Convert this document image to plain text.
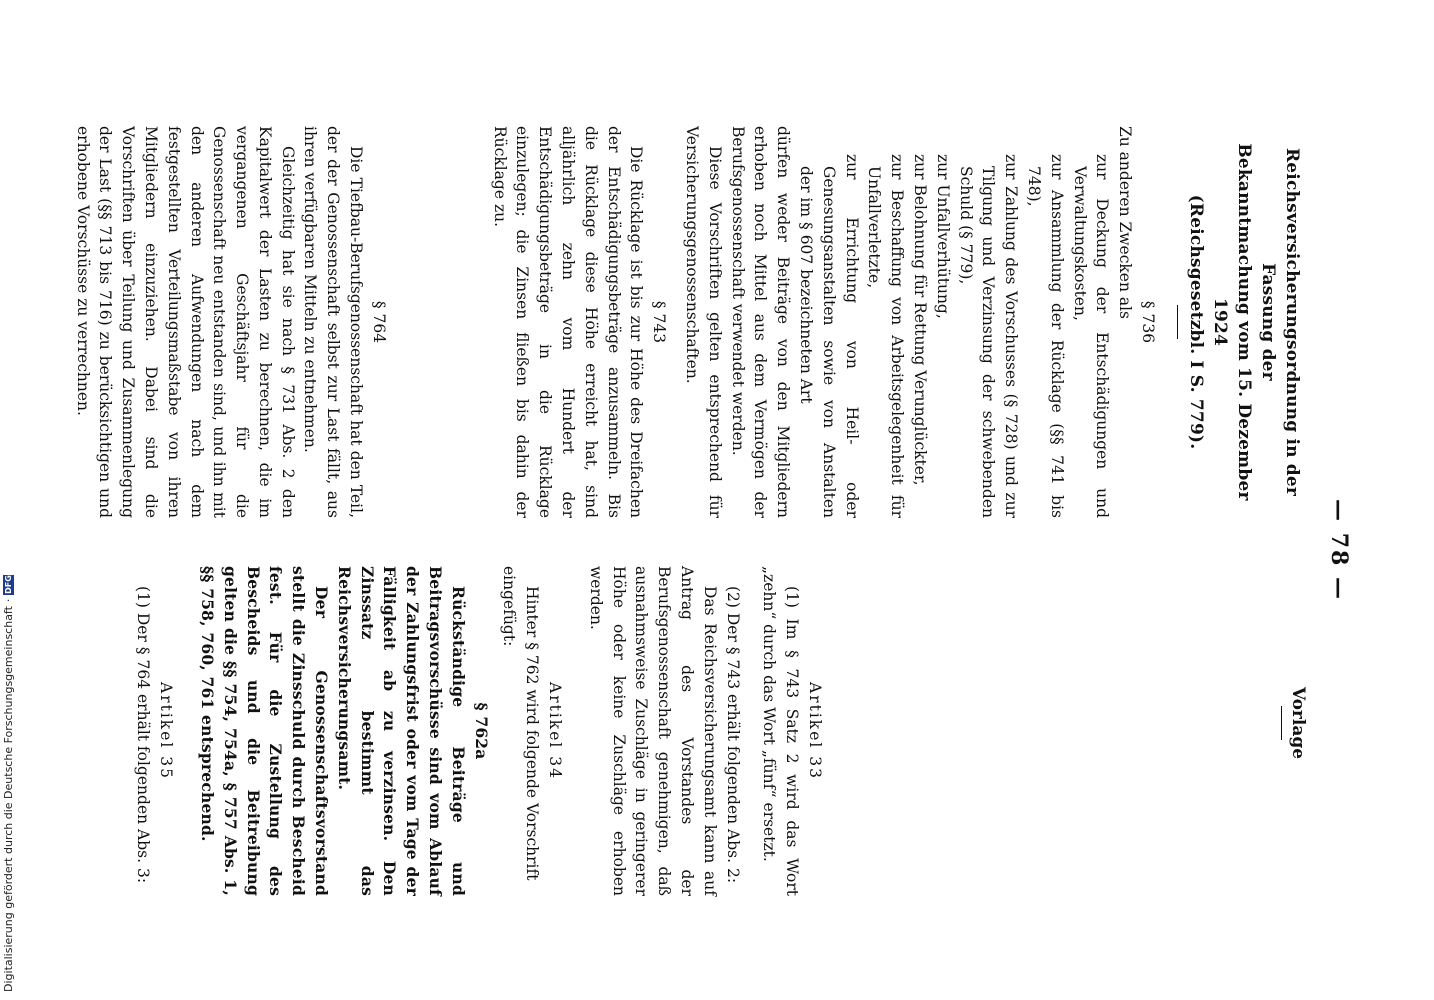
— 78 —
Vorlage
Reichsversicherungsordnung in der Fassung der
Bekanntmachung vom 15. Dezember 1924
(Reichsgesetzbl. I S. 779).

§ 736

Zu anderen Zwecken als

zur Deckung der Entschädigungen und Verwaltungskosten,

zur Ansammlung der Rücklage (§§ 741 bis 748),

zur Zahlung des Vorschusses (§ 728) und zur Tilgung und Verzinsung der schwebenden Schuld (§ 779),

zur Unfallverhütung,

zur Belohnung für Rettung Verunglückter,

zur Beschaffung von Arbeitsgelegenheit für Unfallverletzte,

zur Errichtung von Heil- oder Genesungsanstalten sowie von Anstalten der im § 607 bezeichneten Art

dürfen weder Beiträge von den Mitgliedern erhoben noch Mittel aus dem Vermögen der Berufsgenossenschaft verwendet werden.

Diese Vorschriften gelten entsprechend für Versicherungsgenossenschaften.

§ 743

Die Rücklage ist bis zur Höhe des Dreifachen der Entschädigungsbeträge anzusammeln. Bis die Rücklage diese Höhe erreicht hat, sind alljährlich zehn vom Hundert der Entschädigungsbeträge in die Rücklage einzulegen; die Zinsen fließen bis dahin der Rücklage zu.

§ 764

Die Tiefbau-Berufsgenossenschaft hat den Teil, der der Genossenschaft selbst zur Last fällt, aus ihren verfügbaren Mitteln zu entnehmen.

Gleichzeitig hat sie nach § 731 Abs. 2 den Kapitalwert der Lasten zu berechnen, die im vergangenen Geschäftsjahr für die Genossenschaft neu entstanden sind, und ihn mit den anderen Aufwendungen nach dem festgestellten Verteilungsmaßstabe von ihren Mitgliedern einzuziehen. Dabei sind die Vorschriften über Teilung und Zusammenlegung der Last (§§ 713 bis 716) zu berücksichtigen und erhobene Vorschüsse zu verrechnen.

Artikel 33

(1) Im § 743 Satz 2 wird das Wort „zehn“ durch das Wort „fünf“ ersetzt.

(2) Der § 743 erhält folgenden Abs. 2:

Das Reichsversicherungsamt kann auf Antrag des Vorstandes der Berufsgenossenschaft genehmigen, daß ausnahmsweise Zuschläge in geringerer Höhe oder keine Zuschläge erhoben werden.

Artikel 34

Hinter § 762 wird folgende Vorschrift eingefügt:

§ 762a

Rückständige Beiträge und Beitragsvorschüsse sind vom Ablauf der Zahlungsfrist oder vom Tage der Fälligkeit ab zu verzinsen. Den Zinssatz bestimmt das Reichsversicherungsamt.

Der Genossenschaftsvorstand stellt die Zinsschuld durch Bescheid fest. Für die Zustellung des Bescheids und die Beitreibung gelten die §§ 754, 754a, § 757 Abs. 1, §§ 758, 760, 761 entsprechend.

Artikel 35

(1) Der § 764 erhält folgenden Abs. 3:

Digitalisierung gefördert durch die Deutsche Forschungsgemeinschaft
·
DFG
